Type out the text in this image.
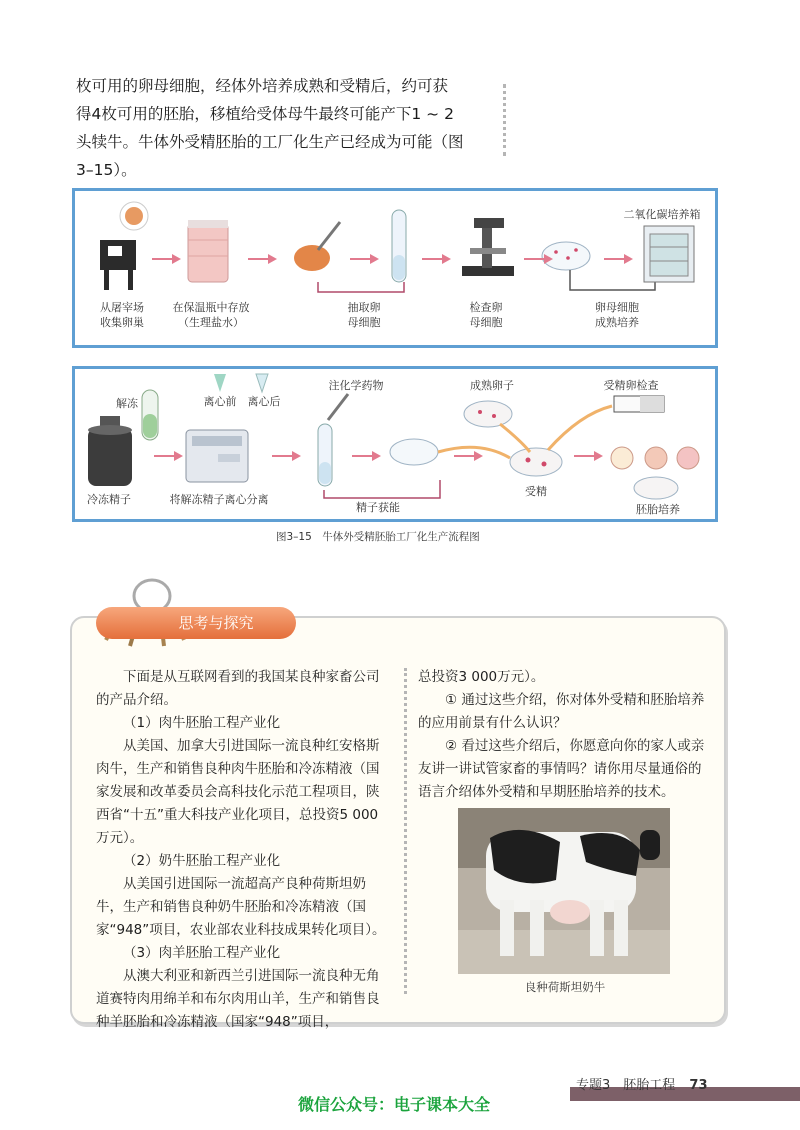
枚可用的卵母细胞，经体外培养成熟和受精后，约可获
得4枚可用的胚胎，移植给受体母牛最终可能产下1 ~ 2
头犊牛。牛体外受精胚胎的工厂化生产已经成为可能（图
3–15）。
二氧化碳培养箱
从屠宰场
收集卵巢
在保温瓶中存放
（生理盐水）
抽取卵
母细胞
检查卵
母细胞
卵母细胞
成熟培养
解冻	离心前	离心后
注化学药物	成熟卵子	受精卵检查
冷冻精子	将解冻精子离心分离
精子获能
受精
胚胎培养
图3–15　牛体外受精胚胎工厂化生产流程图
思考与探究

下面是从互联网看到的我国某良种家畜公司的产品介绍。

（1）肉牛胚胎工程产业化

从美国、加拿大引进国际一流良种红安格斯肉牛，生产和销售良种肉牛胚胎和冷冻精液（国家发展和改革委员会高科技化示范工程项目，陕西省“十五”重大科技产业化项目，总投资5 000万元）。

（2）奶牛胚胎工程产业化

从美国引进国际一流超高产良种荷斯坦奶牛，生产和销售良种奶牛胚胎和冷冻精液（国家“948”项目，农业部农业科技成果转化项目）。

（3）肉羊胚胎工程产业化

从澳大利亚和新西兰引进国际一流良种无角道赛特肉用绵羊和布尔肉用山羊，生产和销售良种羊胚胎和冷冻精液（国家“948”项目，

总投资3 000万元）。

① 通过这些介绍，你对体外受精和胚胎培养的应用前景有什么认识？

② 看过这些介绍后，你愿意向你的家人或亲友讲一讲试管家畜的事情吗？请你用尽量通俗的语言介绍体外受精和早期胚胎培养的技术。

良种荷斯坦奶牛
专题3　胚胎工程 73
微信公众号：电子课本大全
